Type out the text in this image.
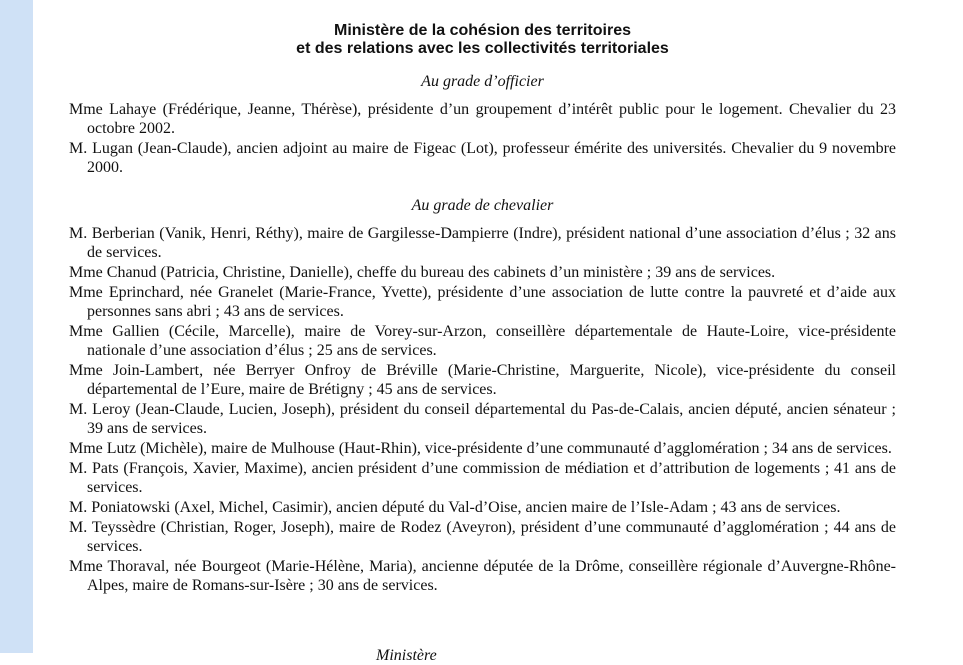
Ministère de la cohésion des territoires
et des relations avec les collectivités territoriales
Au grade d’officier
Mme Lahaye (Frédérique, Jeanne, Thérèse), présidente d’un groupement d’intérêt public pour le logement. Chevalier du 23 octobre 2002.
M. Lugan (Jean-Claude), ancien adjoint au maire de Figeac (Lot), professeur émérite des universités. Chevalier du 9 novembre 2000.
Au grade de chevalier
M. Berberian (Vanik, Henri, Réthy), maire de Gargilesse-Dampierre (Indre), président national d’une association d’élus ; 32 ans de services.
Mme Chanud (Patricia, Christine, Danielle), cheffe du bureau des cabinets d’un ministère ; 39 ans de services.
Mme Eprinchard, née Granelet (Marie-France, Yvette), présidente d’une association de lutte contre la pauvreté et d’aide aux personnes sans abri ; 43 ans de services.
Mme Gallien (Cécile, Marcelle), maire de Vorey-sur-Arzon, conseillère départementale de Haute-Loire, vice-présidente nationale d’une association d’élus ; 25 ans de services.
Mme Join-Lambert, née Berryer Onfroy de Bréville (Marie-Christine, Marguerite, Nicole), vice-présidente du conseil départemental de l’Eure, maire de Brétigny ; 45 ans de services.
M. Leroy (Jean-Claude, Lucien, Joseph), président du conseil départemental du Pas-de-Calais, ancien député, ancien sénateur ; 39 ans de services.
Mme Lutz (Michèle), maire de Mulhouse (Haut-Rhin), vice-présidente d’une communauté d’agglomération ; 34 ans de services.
M. Pats (François, Xavier, Maxime), ancien président d’une commission de médiation et d’attribution de logements ; 41 ans de services.
M. Poniatowski (Axel, Michel, Casimir), ancien député du Val-d’Oise, ancien maire de l’Isle-Adam ; 43 ans de services.
M. Teyssèdre (Christian, Roger, Joseph), maire de Rodez (Aveyron), président d’une communauté d’agglomération ; 44 ans de services.
Mme Thoraval, née Bourgeot (Marie-Hélène, Maria), ancienne députée de la Drôme, conseillère régionale d’Auvergne-Rhône-Alpes, maire de Romans-sur-Isère ; 30 ans de services.
Ministère
